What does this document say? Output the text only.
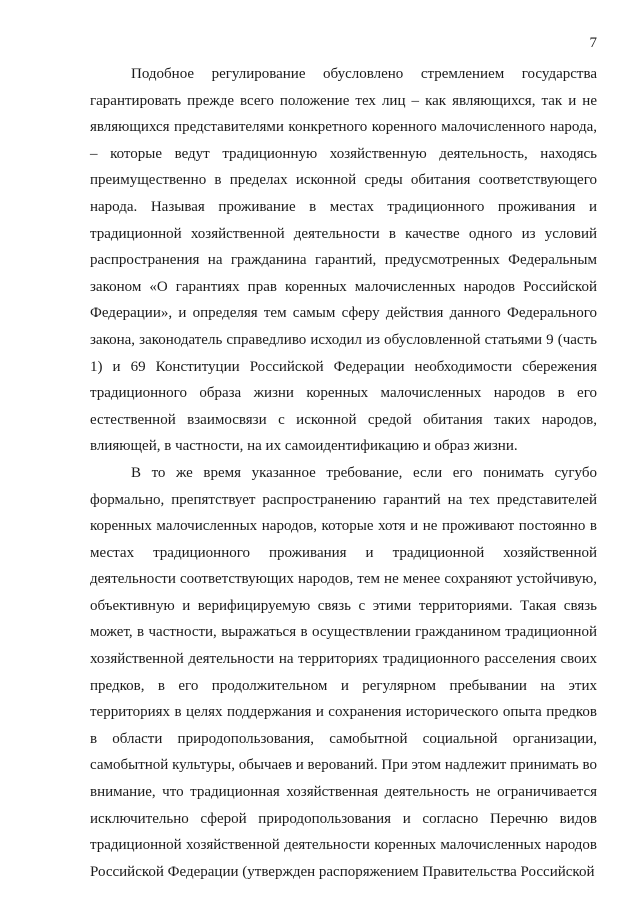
7

Подобное регулирование обусловлено стремлением государства гарантировать прежде всего положение тех лиц – как являющихся, так и не являющихся представителями конкретного коренного малочисленного народа, – которые ведут традиционную хозяйственную деятельность, находясь преимущественно в пределах исконной среды обитания соответствующего народа. Называя проживание в местах традиционного проживания и традиционной хозяйственной деятельности в качестве одного из условий распространения на гражданина гарантий, предусмотренных Федеральным законом «О гарантиях прав коренных малочисленных народов Российской Федерации», и определяя тем самым сферу действия данного Федерального закона, законодатель справедливо исходил из обусловленной статьями 9 (часть 1) и 69 Конституции Российской Федерации необходимости сбережения традиционного образа жизни коренных малочисленных народов в его естественной взаимосвязи с исконной средой обитания таких народов, влияющей, в частности, на их самоидентификацию и образ жизни.

В то же время указанное требование, если его понимать сугубо формально, препятствует распространению гарантий на тех представителей коренных малочисленных народов, которые хотя и не проживают постоянно в местах традиционного проживания и традиционной хозяйственной деятельности соответствующих народов, тем не менее сохраняют устойчивую, объективную и верифицируемую связь с этими территориями. Такая связь может, в частности, выражаться в осуществлении гражданином традиционной хозяйственной деятельности на территориях традиционного расселения своих предков, в его продолжительном и регулярном пребывании на этих территориях в целях поддержания и сохранения исторического опыта предков в области природопользования, самобытной социальной организации, самобытной культуры, обычаев и верований. При этом надлежит принимать во внимание, что традиционная хозяйственная деятельность не ограничивается исключительно сферой природопользования и согласно Перечню видов традиционной хозяйственной деятельности коренных малочисленных народов Российской Федерации (утвержден распоряжением Правительства Российской
